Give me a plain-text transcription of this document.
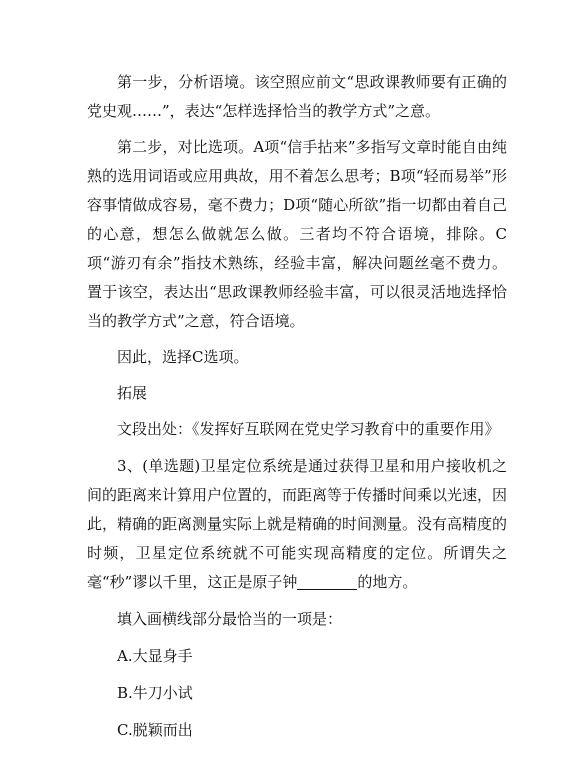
第一步，分析语境。该空照应前文“思政课教师要有正确的党史观……”，表达“怎样选择恰当的教学方式”之意。

第二步，对比选项。A项“信手拈来”多指写文章时能自由纯熟的选用词语或应用典故，用不着怎么思考；B项“轻而易举”形容事情做成容易，毫不费力；D项“随心所欲”指一切都由着自己的心意，想怎么做就怎么做。三者均不符合语境，排除。C项“游刃有余”指技术熟练，经验丰富，解决问题丝毫不费力。置于该空，表达出“思政课教师经验丰富，可以很灵活地选择恰当的教学方式”之意，符合语境。

因此，选择C选项。

拓展

文段出处：《发挥好互联网在党史学习教育中的重要作用》

3、(单选题)卫星定位系统是通过获得卫星和用户接收机之间的距离来计算用户位置的，而距离等于传播时间乘以光速，因此，精确的距离测量实际上就是精确的时间测量。没有高精度的时频，卫星定位系统就不可能实现高精度的定位。所谓失之毫“秒”谬以千里，这正是原子钟	的地方。

填入画横线部分最恰当的一项是：

A.大显身手

B.牛刀小试

C.脱颖而出
